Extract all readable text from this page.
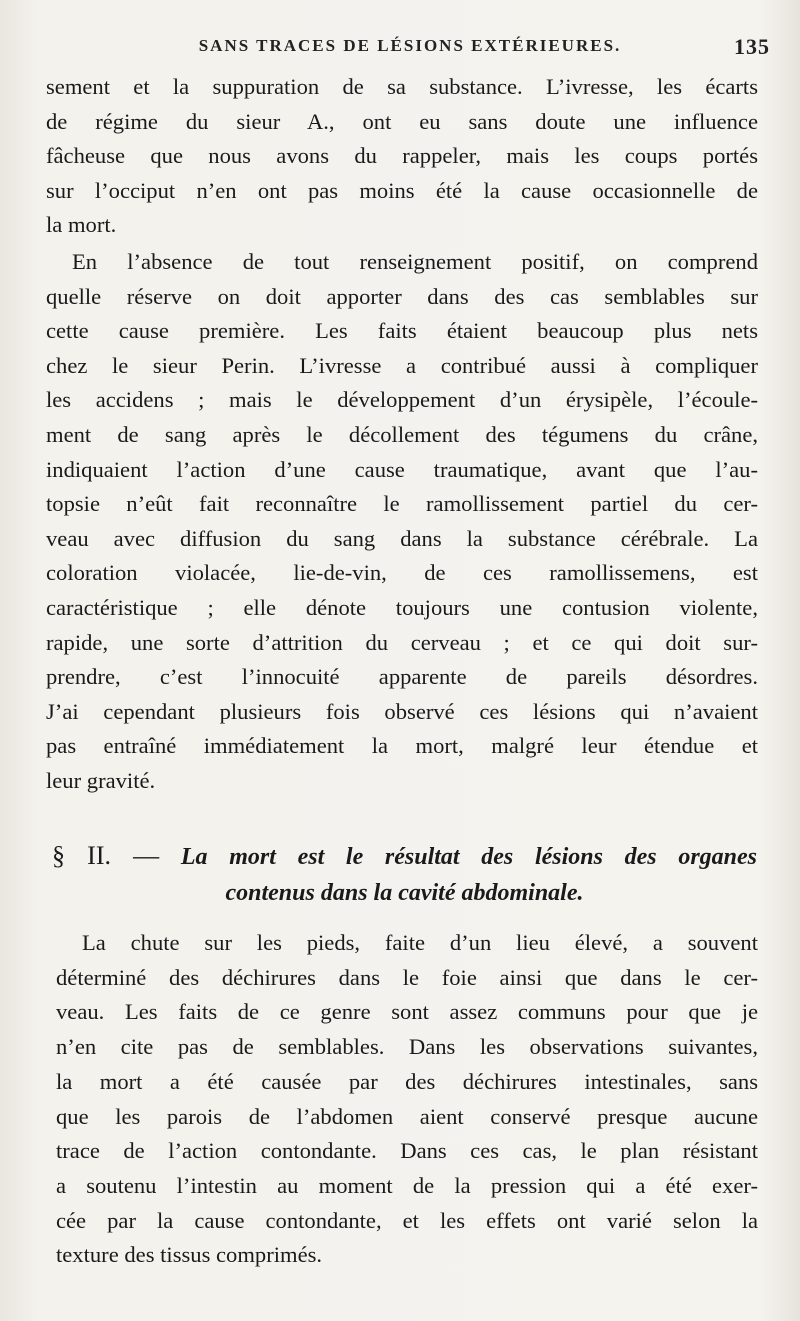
SANS TRACES DE LÉSIONS EXTÉRIEURES.	135
sement et la suppuration de sa substance. L’ivresse, les écarts
de régime du sieur A., ont eu sans doute une influence
fâcheuse que nous avons du rappeler, mais les coups portés
sur l’occiput n’en ont pas moins été la cause occasionnelle de
la mort.
En l’absence de tout renseignement positif, on comprend
quelle réserve on doit apporter dans des cas semblables sur
cette cause première. Les faits étaient beaucoup plus nets
chez le sieur Perin. L’ivresse a contribué aussi à compliquer
les accidens ; mais le développement d’un érysipèle, l’écoule-
ment de sang après le décollement des tégumens du crâne,
indiquaient l’action d’une cause traumatique, avant que l’au-
topsie n’eût fait reconnaître le ramollissement partiel du cer-
veau avec diffusion du sang dans la substance cérébrale. La
coloration violacée, lie-de-vin, de ces ramollissemens, est
caractéristique ; elle dénote toujours une contusion violente,
rapide, une sorte d’attrition du cerveau ; et ce qui doit sur-
prendre, c’est l’innocuité apparente de pareils désordres.
J’ai cependant plusieurs fois observé ces lésions qui n’avaient
pas entraîné immédiatement la mort, malgré leur étendue et
leur gravité.
§ II. — La mort est le résultat des lésions des organes
contenus dans la cavité abdominale.
La chute sur les pieds, faite d’un lieu élevé, a souvent
déterminé des déchirures dans le foie ainsi que dans le cer-
veau. Les faits de ce genre sont assez communs pour que je
n’en cite pas de semblables. Dans les observations suivantes,
la mort a été causée par des déchirures intestinales, sans
que les parois de l’abdomen aient conservé presque aucune
trace de l’action contondante. Dans ces cas, le plan résistant
a soutenu l’intestin au moment de la pression qui a été exer-
cée par la cause contondante, et les effets ont varié selon la
texture des tissus comprimés.
